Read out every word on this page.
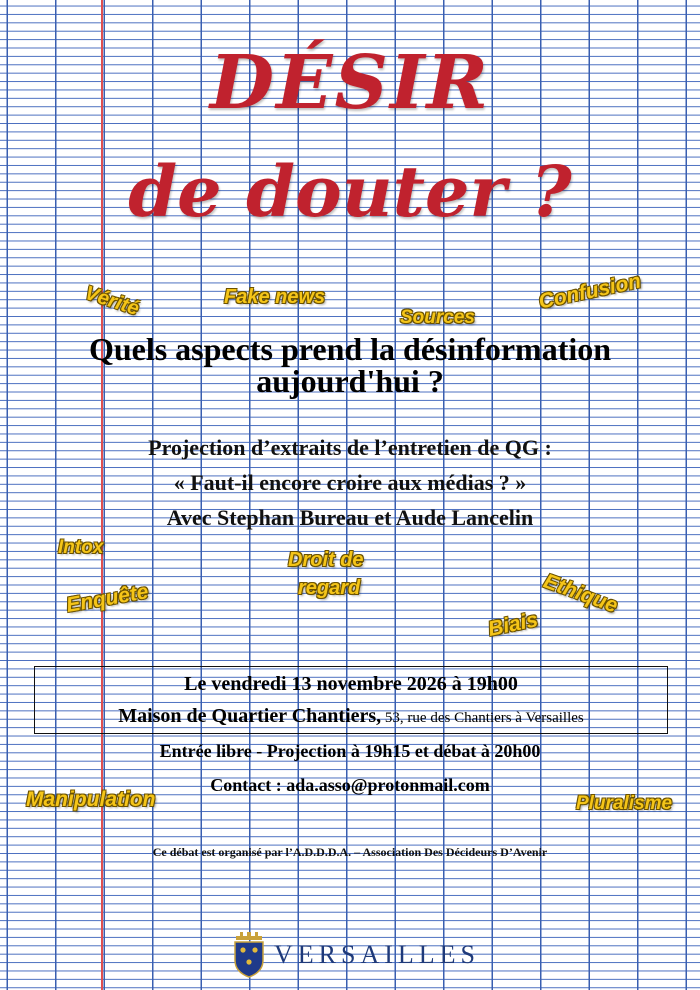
DÉSIR
de douter ?
Vérité	Fake news
Sources
Confusion
Quels aspects prend la désinformation
aujourd'hui ?
Projection d’extraits de l’entretien de QG :
« Faut-il encore croire aux médias ? »
Avec Stephan Bureau et Aude Lancelin
Intox
Droit de
regard
Enquête	Ethique
Biais
Le vendredi 13 novembre 2026 à 19h00
Maison de Quartier Chantiers, 53, rue des Chantiers à Versailles
Entrée libre - Projection à 19h15 et débat à 20h00
Contact : ada.asso@protonmail.com
Manipulation	Pluralisme
Ce débat est organisé par l’A.D.D.D.A. – Association Des Décideurs D’Avenir
VERSAILLES
